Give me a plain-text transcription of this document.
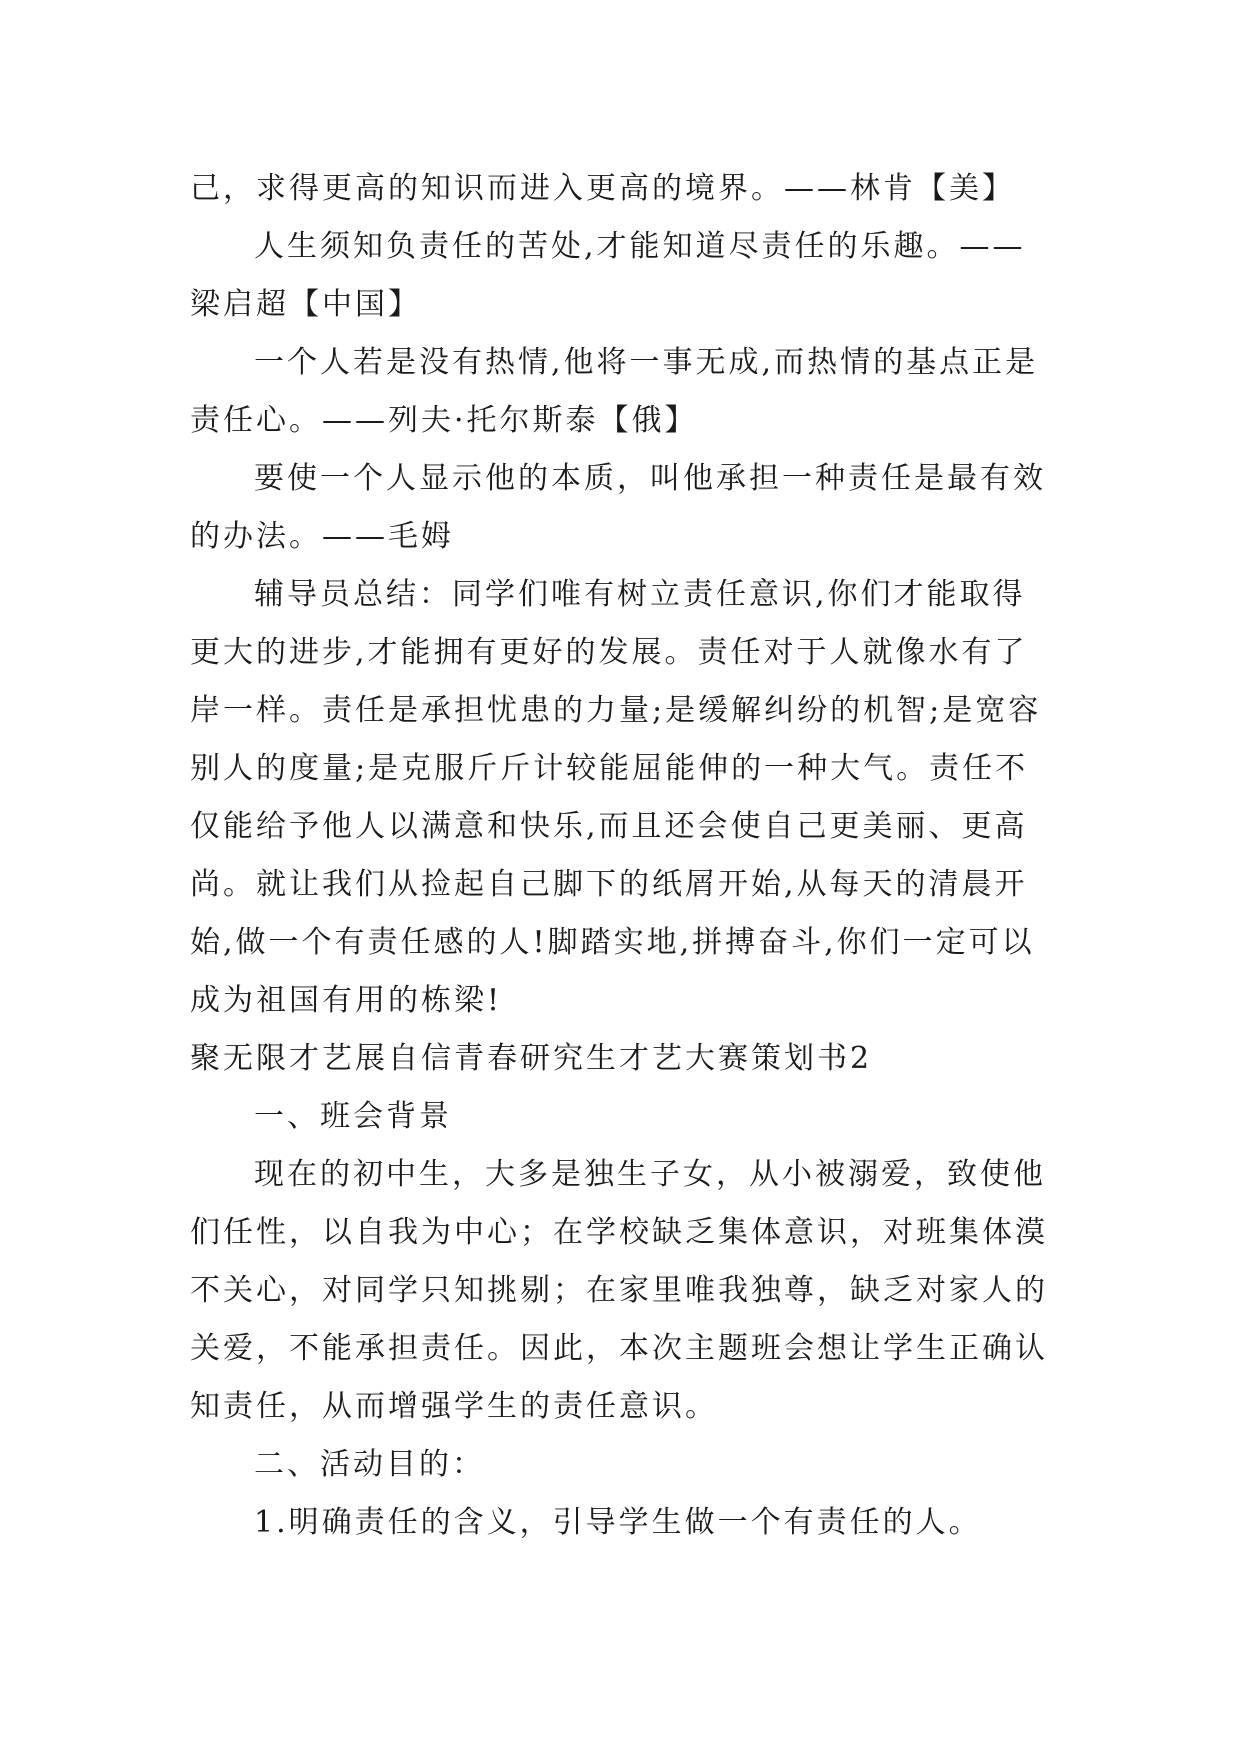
己，求得更高的知识而进入更高的境界。——林肯【美】

人生须知负责任的苦处,才能知道尽责任的乐趣。——梁启超【中国】

一个人若是没有热情,他将一事无成,而热情的基点正是责任心。——列夫·托尔斯泰【俄】

要使一个人显示他的本质，叫他承担一种责任是最有效的办法。——毛姆

辅导员总结：同学们唯有树立责任意识,你们才能取得更大的进步,才能拥有更好的发展。责任对于人就像水有了岸一样。责任是承担忧患的力量;是缓解纠纷的机智;是宽容别人的度量;是克服斤斤计较能屈能伸的一种大气。责任不仅能给予他人以满意和快乐,而且还会使自己更美丽、更高尚。就让我们从捡起自己脚下的纸屑开始,从每天的清晨开始,做一个有责任感的人!脚踏实地,拼搏奋斗,你们一定可以成为祖国有用的栋梁!

聚无限才艺展自信青春研究生才艺大赛策划书2

一、班会背景

现在的初中生，大多是独生子女，从小被溺爱，致使他们任性，以自我为中心；在学校缺乏集体意识，对班集体漠不关心，对同学只知挑剔；在家里唯我独尊，缺乏对家人的关爱，不能承担责任。因此，本次主题班会想让学生正确认知责任，从而增强学生的责任意识。

二、活动目的：

1.明确责任的含义，引导学生做一个有责任的人。
